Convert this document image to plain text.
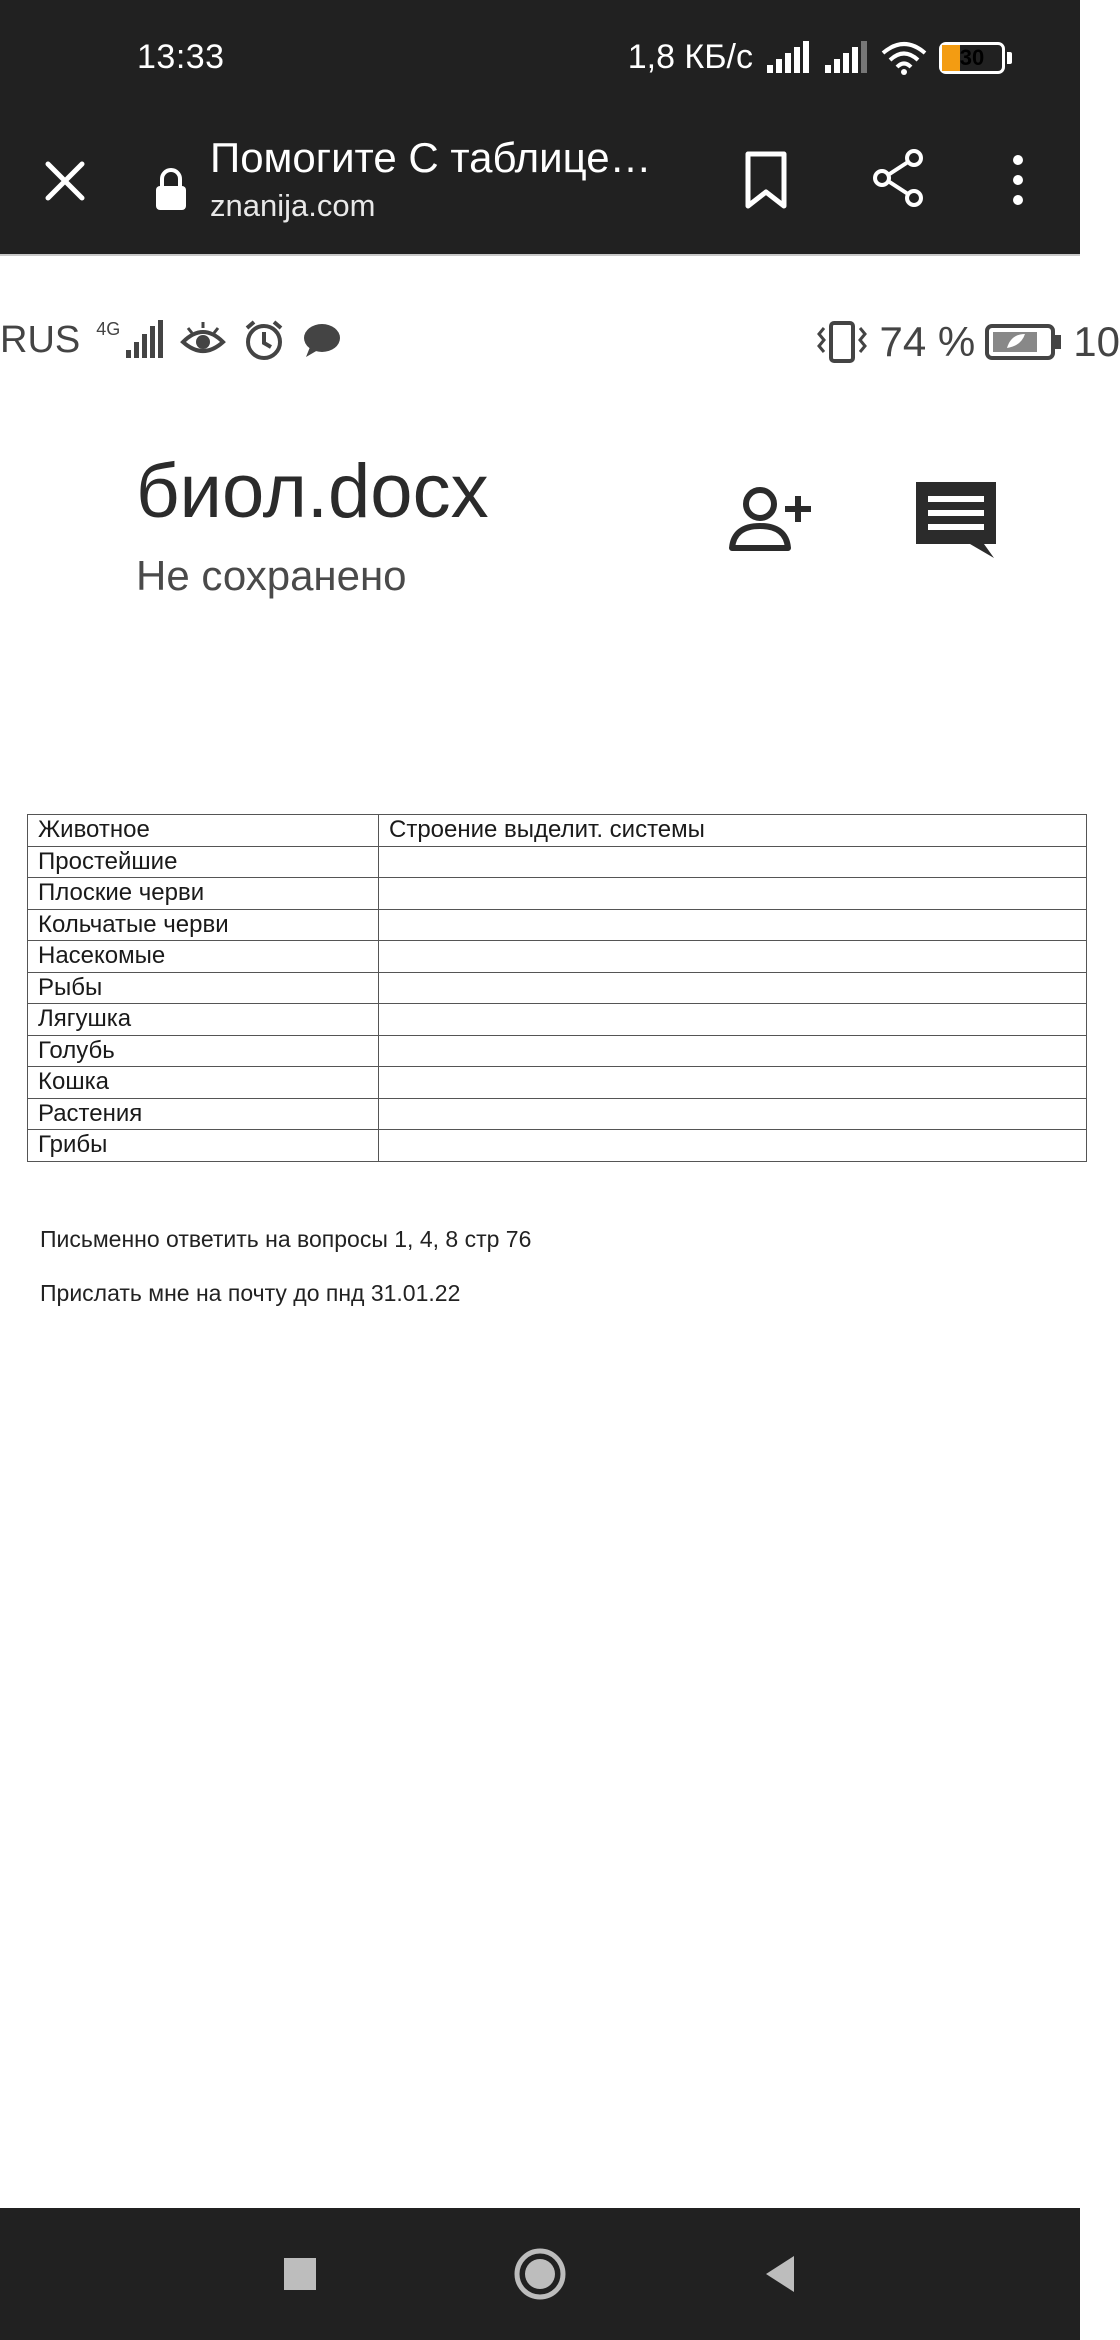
13:33	1,8 КБ/с	30
Помогите С таблице…
znanija.com
RUS 4G	74 % 10
биол.docx
Не сохранено
Животное	Строение выделит. системы
Простейшие	
Плоские черви	
Кольчатые черви	
Насекомые	
Рыбы	
Лягушка	
Голубь	
Кошка	
Растения	
Грибы	
Письменно ответить на вопросы 1, 4, 8 стр 76
Прислать мне на почту до пнд 31.01.22
